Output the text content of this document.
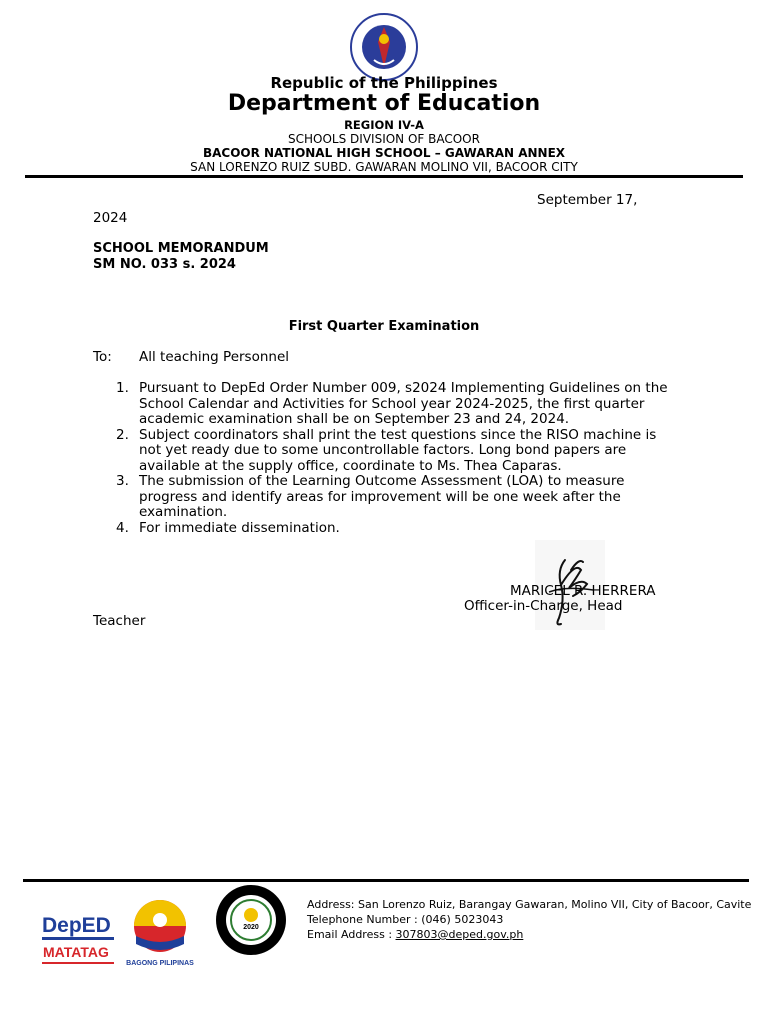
Republic of the Philippines
Department of Education
REGION IV-A
SCHOOLS DIVISION OF BACOOR
BACOOR NATIONAL HIGH SCHOOL – GAWARAN ANNEX
SAN LORENZO RUIZ SUBD. GAWARAN MOLINO VII, BACOOR CITY
September 17,
2024
SCHOOL MEMORANDUM
SM NO. 033 s. 2024
First Quarter Examination
To: All teaching Personnel
1. Pursuant to DepEd Order Number 009, s2024 Implementing Guidelines on the School Calendar and Activities for School year 2024-2025, the first quarter academic examination shall be on September 23 and 24, 2024.
2. Subject coordinators shall print the test questions since the RISO machine is not yet ready due to some uncontrollable factors. Long bond papers are available at the supply office, coordinate to Ms. Thea Caparas.
3. The submission of the Learning Outcome Assessment (LOA) to measure progress and identify areas for improvement will be one week after the examination.
4. For immediate dissemination.
MARICEL R. HERRERA
Officer-in-Charge, Head
Teacher
DepED
MATATAG
BAGONG PILIPINAS
2020
Address: San Lorenzo Ruiz, Barangay Gawaran, Molino VII, City of Bacoor, Cavite
Telephone Number : (046) 5023043
Email Address : 307803@deped.gov.ph
